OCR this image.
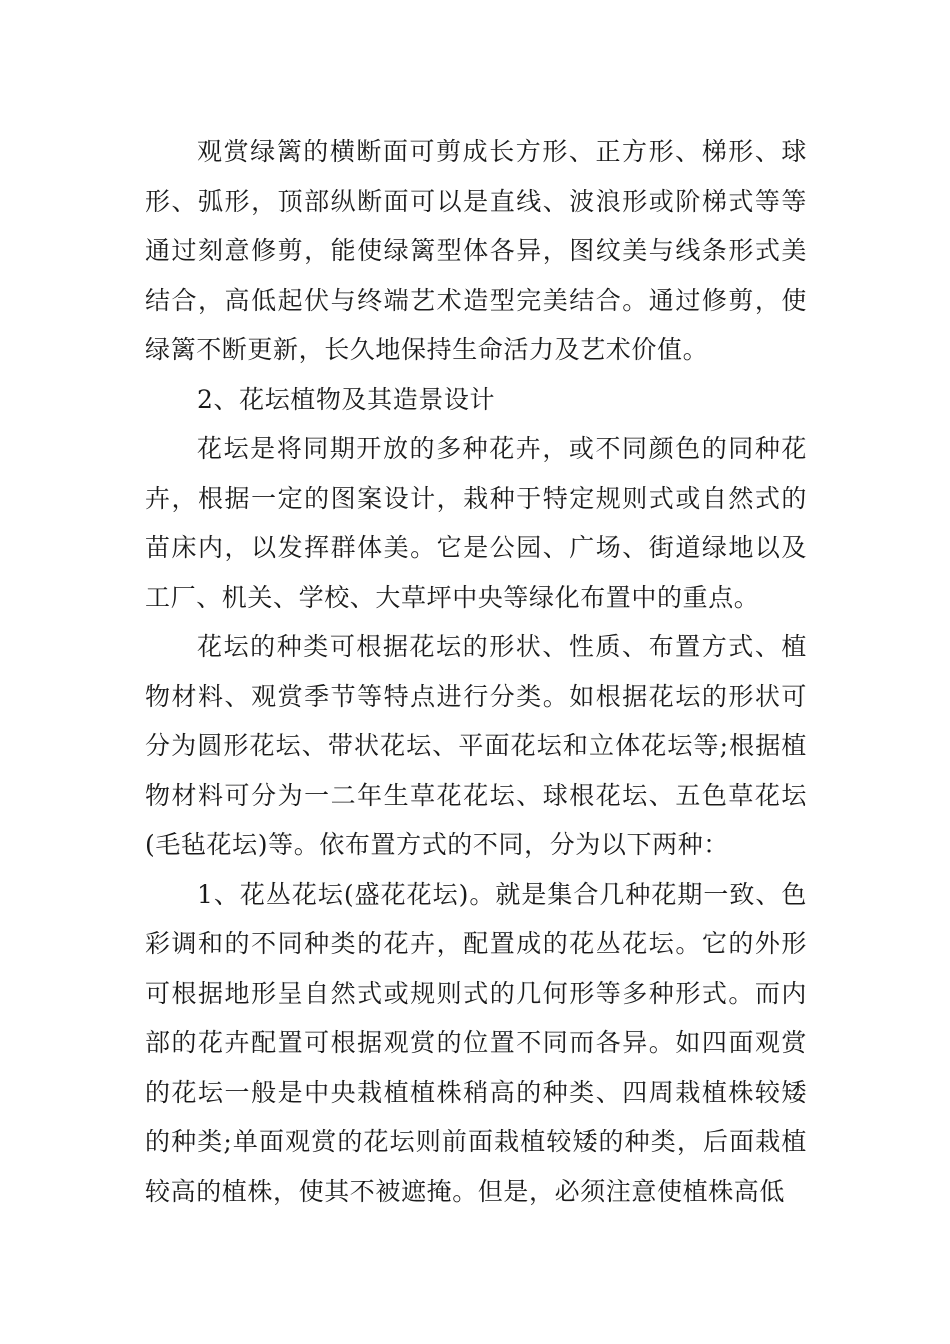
观赏绿篱的横断面可剪成长方形、正方形、梯形、球形、弧形，顶部纵断面可以是直线、波浪形或阶梯式等等通过刻意修剪，能使绿篱型体各异，图纹美与线条形式美结合，高低起伏与终端艺术造型完美结合。通过修剪，使绿篱不断更新，长久地保持生命活力及艺术价值。

2、花坛植物及其造景设计

花坛是将同期开放的多种花卉，或不同颜色的同种花卉，根据一定的图案设计，栽种于特定规则式或自然式的苗床内，以发挥群体美。它是公园、广场、街道绿地以及工厂、机关、学校、大草坪中央等绿化布置中的重点。

花坛的种类可根据花坛的形状、性质、布置方式、植物材料、观赏季节等特点进行分类。如根据花坛的形状可分为圆形花坛、带状花坛、平面花坛和立体花坛等;根据植物材料可分为一二年生草花花坛、球根花坛、五色草花坛(毛毡花坛)等。依布置方式的不同，分为以下两种：

1、花丛花坛(盛花花坛)。就是集合几种花期一致、色彩调和的不同种类的花卉，配置成的花丛花坛。它的外形可根据地形呈自然式或规则式的几何形等多种形式。而内部的花卉配置可根据观赏的位置不同而各异。如四面观赏的花坛一般是中央栽植植株稍高的种类、四周栽植株较矮的种类;单面观赏的花坛则前面栽植较矮的种类，后面栽植较高的植株，使其不被遮掩。但是，必须注意使植株高低
